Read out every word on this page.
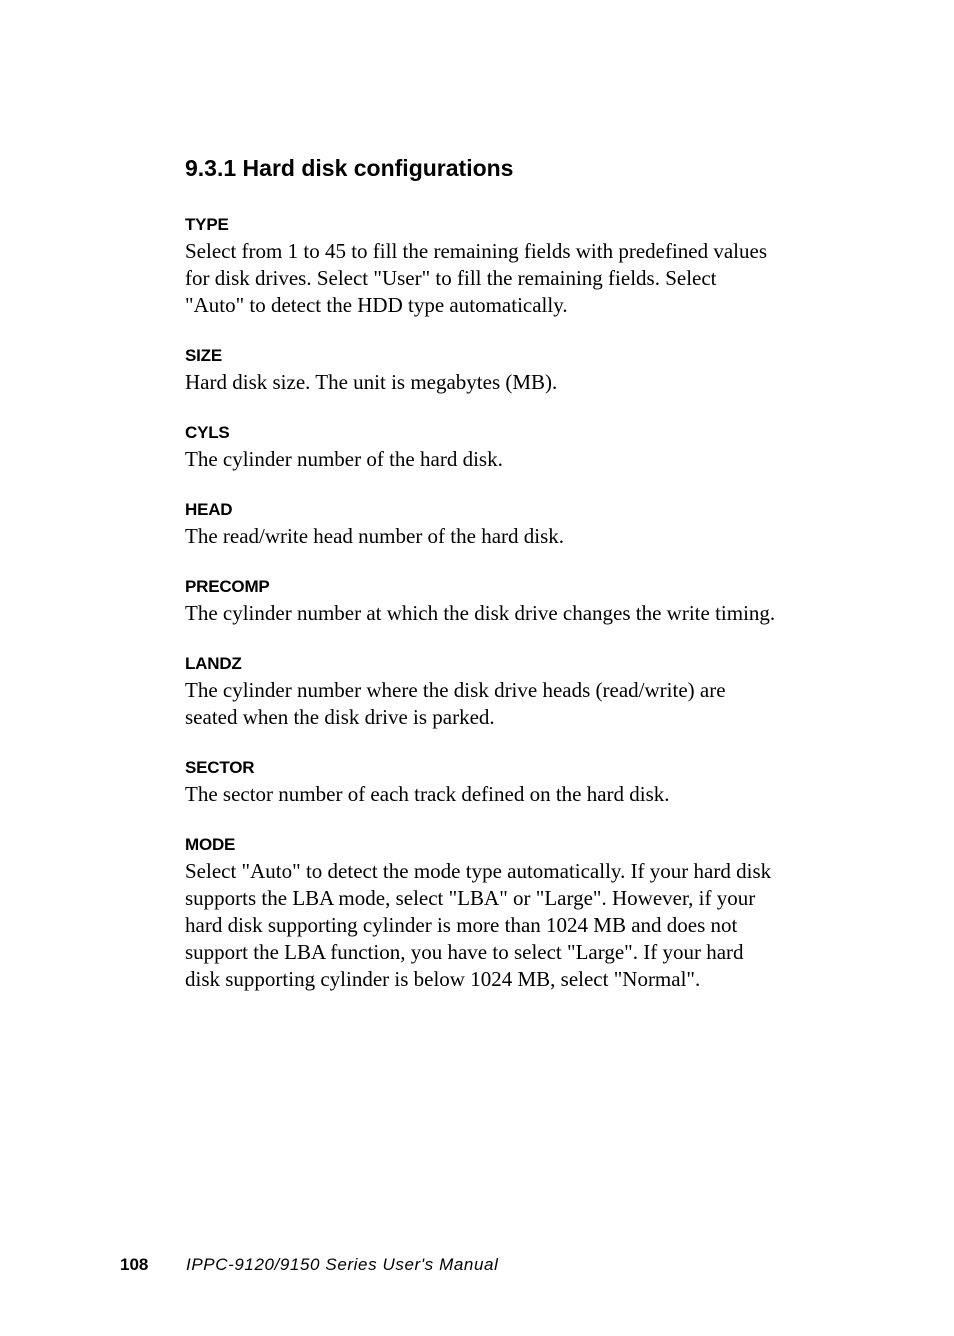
9.3.1 Hard disk configurations
TYPE

Select from 1 to 45 to fill the remaining fields with predefined values
for disk drives. Select "User" to fill the remaining fields. Select
"Auto" to detect the HDD type automatically.

SIZE

Hard disk size. The unit is megabytes (MB).

CYLS

The cylinder number of the hard disk.

HEAD

The read/write head number of the hard disk.

PRECOMP

The cylinder number at which the disk drive changes the write timing.

LANDZ

The cylinder number where the disk drive heads (read/write) are
seated when the disk drive is parked.

SECTOR

The sector number of each track defined on the hard disk.

MODE

Select "Auto" to detect the mode type automatically. If your hard disk
supports the LBA mode, select "LBA" or "Large". However, if your
hard disk supporting cylinder is more than 1024 MB and does not
support the LBA function, you have to select "Large". If your hard
disk supporting cylinder is below 1024 MB, select "Normal".

108	IPPC-9120/9150 Series User's Manual
